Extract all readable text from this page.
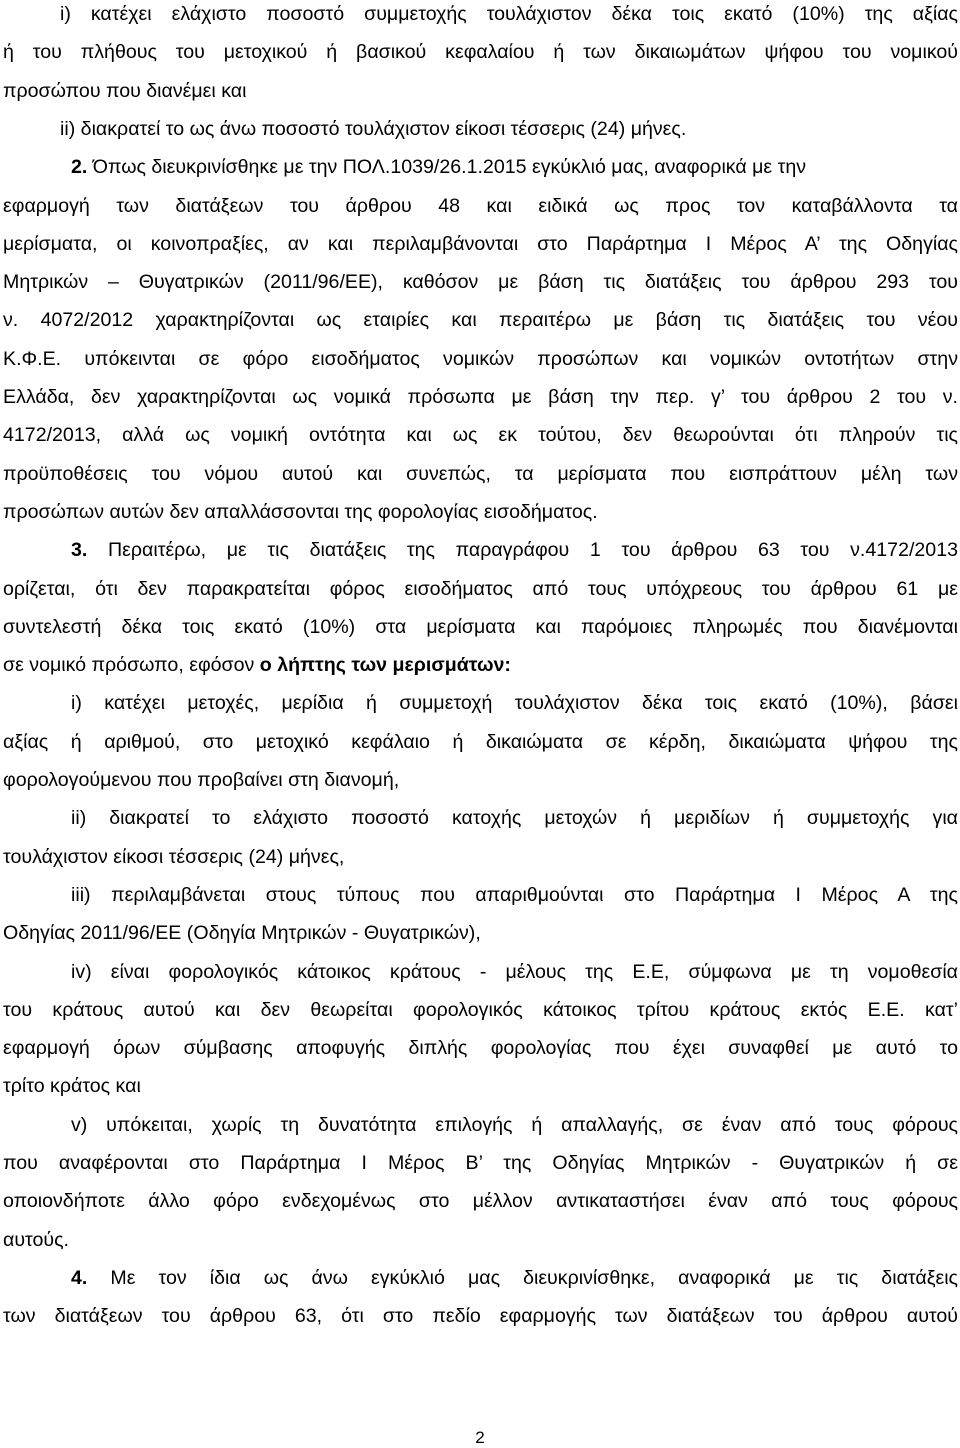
i) κατέχει ελάχιστο ποσοστό συμμετοχής τουλάχιστον δέκα τοις εκατό (10%) της αξίας
ή του πλήθους του μετοχικού ή βασικού κεφαλαίου ή των δικαιωμάτων ψήφου του νομικού
προσώπου που διανέμει και
ii) διακρατεί το ως άνω ποσοστό τουλάχιστον είκοσι τέσσερις (24) μήνες.
2. Όπως διευκρινίσθηκε με την ΠΟΛ.1039/26.1.2015 εγκύκλιό μας, αναφορικά με την
εφαρμογή των διατάξεων του άρθρου 48 και ειδικά ως προς τον καταβάλλοντα τα
μερίσματα, οι κοινοπραξίες, αν και περιλαμβάνονται στο Παράρτημα Ι Μέρος Α’ της Οδηγίας
Μητρικών – Θυγατρικών (2011/96/ΕΕ), καθόσον με βάση τις διατάξεις του άρθρου 293 του
ν. 4072/2012 χαρακτηρίζονται ως εταιρίες και περαιτέρω με βάση τις διατάξεις του νέου
Κ.Φ.Ε. υπόκεινται σε φόρο εισοδήματος νομικών προσώπων και νομικών οντοτήτων στην
Ελλάδα, δεν χαρακτηρίζονται ως νομικά πρόσωπα με βάση την περ. γ’ του άρθρου 2 του ν.
4172/2013, αλλά ως νομική οντότητα και ως εκ τούτου, δεν θεωρούνται ότι πληρούν τις
προϋποθέσεις του νόμου αυτού και συνεπώς, τα μερίσματα που εισπράττουν μέλη των
προσώπων αυτών δεν απαλλάσσονται της φορολογίας εισοδήματος.
3. Περαιτέρω, με τις διατάξεις της παραγράφου 1 του άρθρου 63 του ν.4172/2013
ορίζεται, ότι δεν παρακρατείται φόρος εισοδήματος από τους υπόχρεους του άρθρου 61 με
συντελεστή δέκα τοις εκατό (10%) στα μερίσματα και παρόμοιες πληρωμές που διανέμονται
σε νομικό πρόσωπο, εφόσον ο λήπτης των μερισμάτων:
i) κατέχει μετοχές, μερίδια ή συμμετοχή τουλάχιστον δέκα τοις εκατό (10%), βάσει
αξίας ή αριθμού, στο μετοχικό κεφάλαιο ή δικαιώματα σε κέρδη, δικαιώματα ψήφου της
φορολογούμενου που προβαίνει στη διανομή,
ii) διακρατεί το ελάχιστο ποσοστό κατοχής μετοχών ή μεριδίων ή συμμετοχής για
τουλάχιστον είκοσι τέσσερις (24) μήνες,
iii) περιλαμβάνεται στους τύπους που απαριθμούνται στο Παράρτημα Ι Μέρος Α της
Οδηγίας 2011/96/ΕΕ (Οδηγία Μητρικών - Θυγατρικών),
iv) είναι φορολογικός κάτοικος κράτους - μέλους της Ε.Ε, σύμφωνα με τη νομοθεσία
του κράτους αυτού και δεν θεωρείται φορολογικός κάτοικος τρίτου κράτους εκτός Ε.Ε. κατ’
εφαρμογή όρων σύμβασης αποφυγής διπλής φορολογίας που έχει συναφθεί με αυτό το
τρίτο κράτος και
v) υπόκειται, χωρίς τη δυνατότητα επιλογής ή απαλλαγής, σε έναν από τους φόρους
που αναφέρονται στο Παράρτημα Ι Μέρος Β’ της Οδηγίας Μητρικών - Θυγατρικών ή σε
οποιονδήποτε άλλο φόρο ενδεχομένως στο μέλλον αντικαταστήσει έναν από τους φόρους
αυτούς.
4. Με τον ίδια ως άνω εγκύκλιό μας διευκρινίσθηκε, αναφορικά με τις διατάξεις
των διατάξεων του άρθρου 63, ότι στο πεδίο εφαρμογής των διατάξεων του άρθρου αυτού
2
